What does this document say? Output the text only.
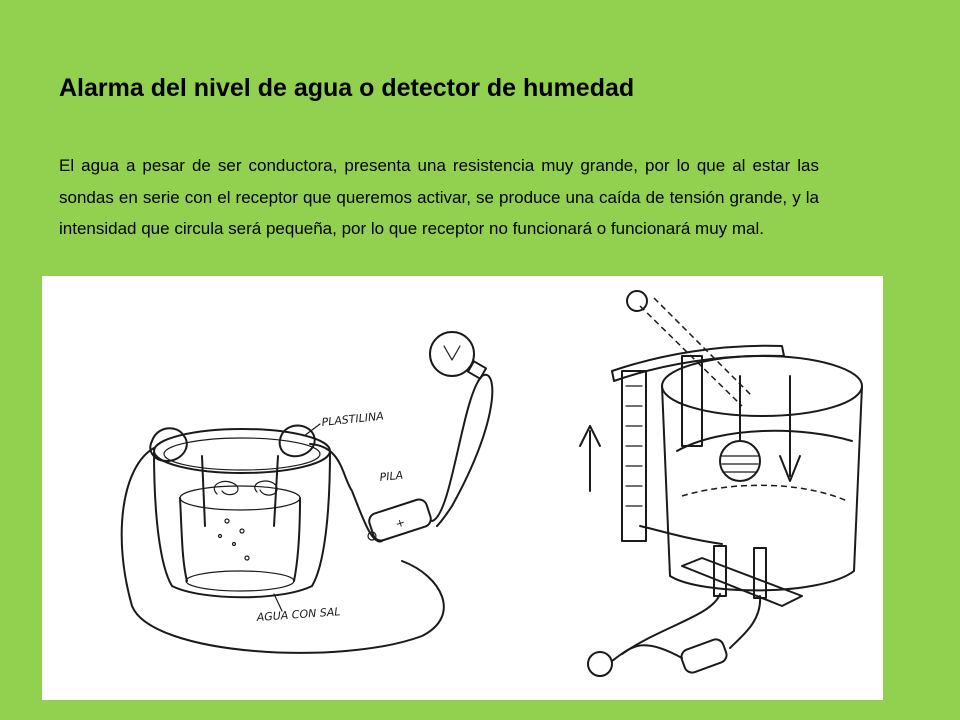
Alarma del nivel de agua o detector de humedad

El agua a pesar de ser conductora, presenta una resistencia muy grande, por lo que al estar las sondas en serie con el receptor que queremos activar, se produce una caída de tensión grande, y la intensidad que circula será pequeña, por lo que receptor no funcionará o funcionará muy mal.

+
PLASTILINA
PILA
AGUA CON SAL
